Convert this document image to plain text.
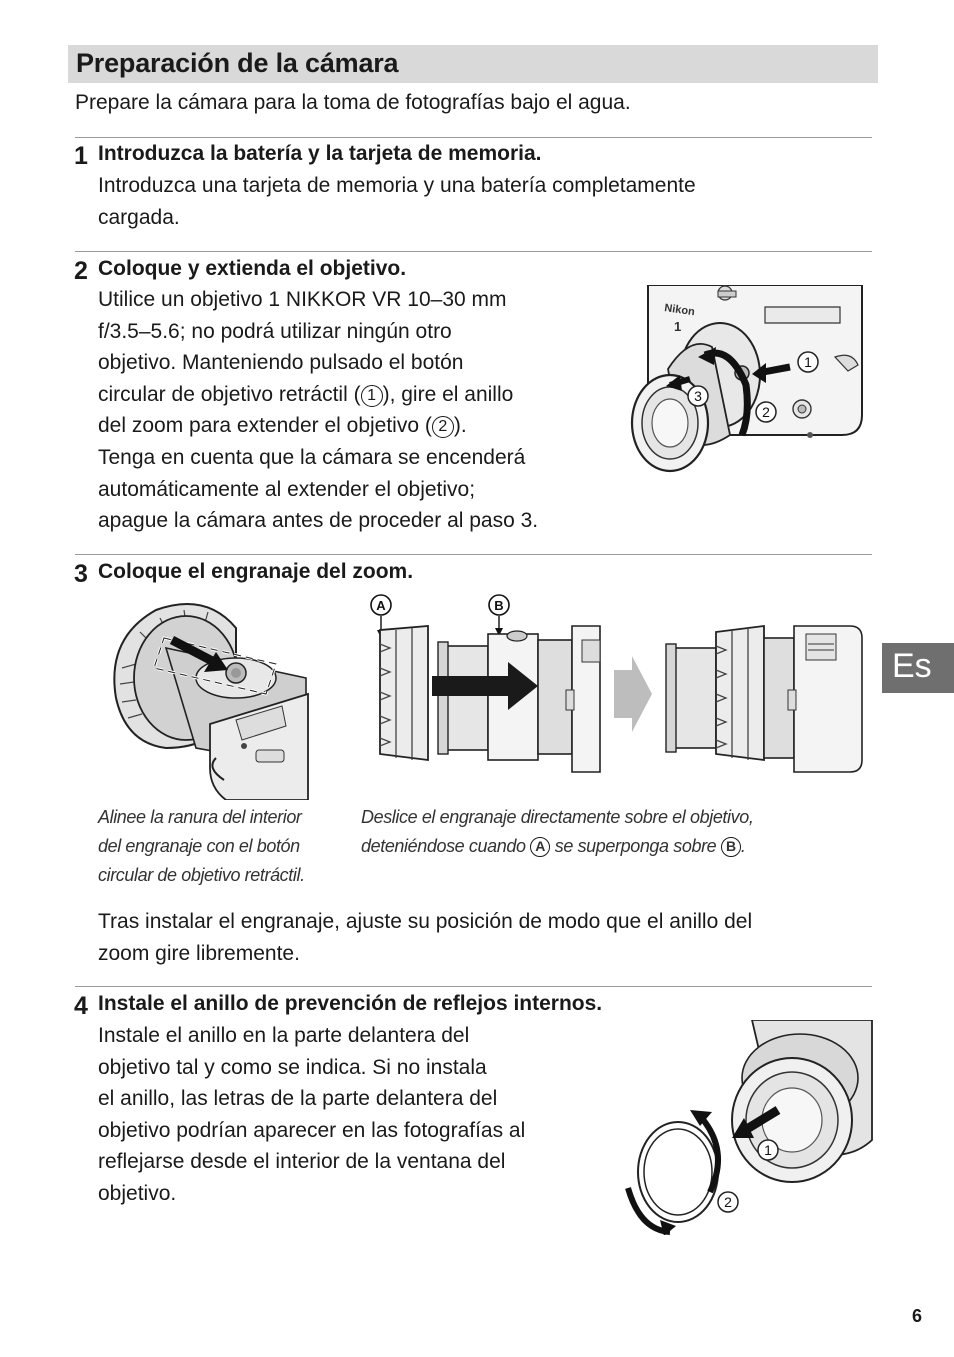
Preparación de la cámara
Prepare la cámara para la toma de fotografías bajo el agua.
1 Introduzca la batería y la tarjeta de memoria.

Introduzca una tarjeta de memoria y una batería completamente

cargada.

2 Coloque y extienda el objetivo.

Utilice un objetivo 1 NIKKOR VR 10–30 mm

f/3.5–5.6; no podrá utilizar ningún otro

objetivo. Manteniendo pulsado el botón

circular de objetivo retráctil ( 1 ), gire el anillo

del zoom para extender el objetivo ( 2 ).

Tenga en cuenta que la cámara se encenderá

automáticamente al extender el objetivo;

apague la cámara antes de proceder al paso 3.

Nikon
1
1
2
3
3 Coloque el engranaje del zoom.
A	B

Alinee la ranura del interior

del engranaje con el botón

circular de objetivo retráctil.

Deslice el engranaje directamente sobre el objetivo,

deteniéndose cuando A se superponga sobre B .

Tras instalar el engranaje, ajuste su posición de modo que el anillo del

zoom gire libremente.

4 Instale el anillo de prevención de reflejos internos.

Instale el anillo en la parte delantera del

objetivo tal y como se indica. Si no instala

el anillo, las letras de la parte delantera del

objetivo podrían aparecer en las fotografías al

reflejarse desde el interior de la ventana del

objetivo.

1
2
Es
6
